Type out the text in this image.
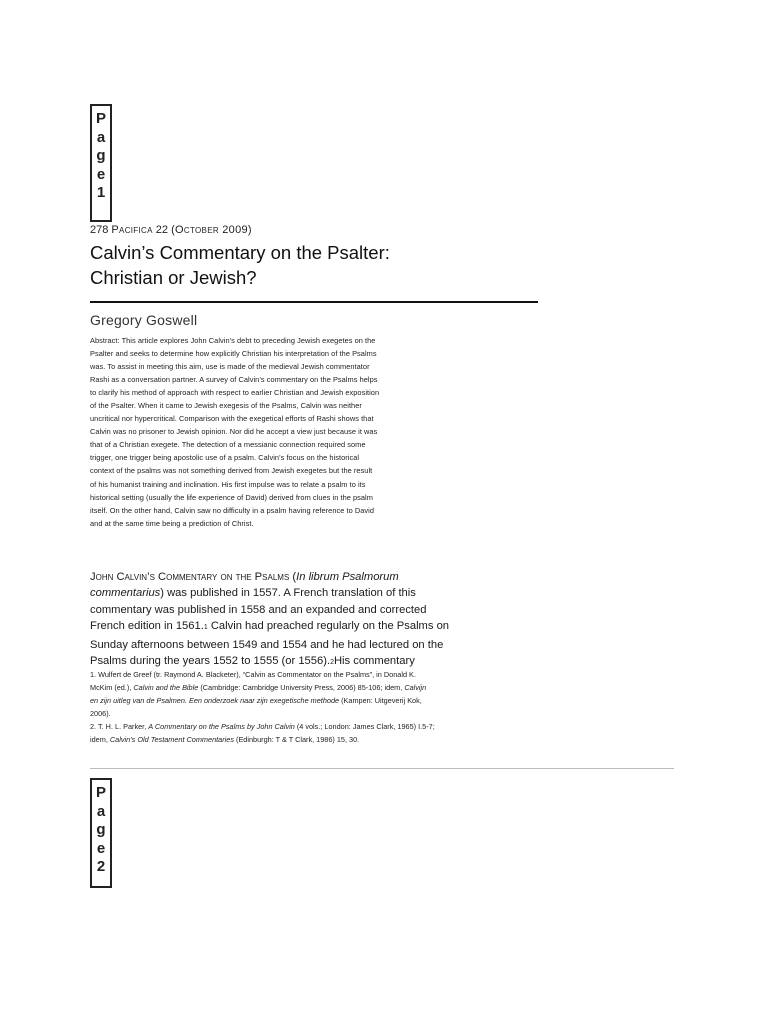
P
a
g
e
1
278 Pacifica 22 (October 2009)
Calvin’s Commentary on the Psalter:
Christian or Jewish?
Gregory Goswell

Abstract: This article explores John Calvin’s debt to preceding Jewish exegetes on the Psalter and seeks to determine how explicitly Christian his interpretation of the Psalms was. To assist in meeting this aim, use is made of the medieval Jewish commentator Rashi as a conversation partner. A survey of Calvin’s commentary on the Psalms helps to clarify his method of approach with respect to earlier Christian and Jewish exposition of the Psalter. When it came to Jewish exegesis of the Psalms, Calvin was neither uncritical nor hypercritical. Comparison with the exegetical efforts of Rashi shows that Calvin was no prisoner to Jewish opinion. Nor did he accept a view just because it was that of a Christian exegete. The detection of a messianic connection required some trigger, one trigger being apostolic use of a psalm. Calvin’s focus on the historical context of the psalms was not something derived from Jewish exegetes but the result of his humanist training and inclination. His first impulse was to relate a psalm to its historical setting (usually the life experience of David) derived from clues in the psalm itself. On the other hand, Calvin saw no difficulty in a psalm having reference to David and at the same time being a prediction of Christ.

John Calvin’s Commentary on the Psalms (In librum Psalmorum commentarius) was published in 1557. A French translation of this commentary was published in 1558 and an expanded and corrected French edition in 1561.1 Calvin had preached regularly on the Psalms on Sunday afternoons between 1549 and 1554 and he had lectured on the Psalms during the years 1552 to 1555 (or 1556).2His commentary

1. Wulfert de Greef (tr. Raymond A. Blacketer), “Calvin as Commentator on the Psalms”, in Donald K. McKim (ed.), Calvin and the Bible (Cambridge: Cambridge University Press, 2006) 85-106; idem, Calvijn en zijn uitleg van de Psalmen. Een onderzoek naar zijn exegetische methode (Kampen: Uitgeverij Kok, 2006).

2. T. H. L. Parker, A Commentary on the Psalms by John Calvin (4 vols.; London: James Clark, 1965) I.5-7; idem, Calvin’s Old Testament Commentaries (Edinburgh: T & T Clark, 1986) 15, 30.

P
a
g
e
2
